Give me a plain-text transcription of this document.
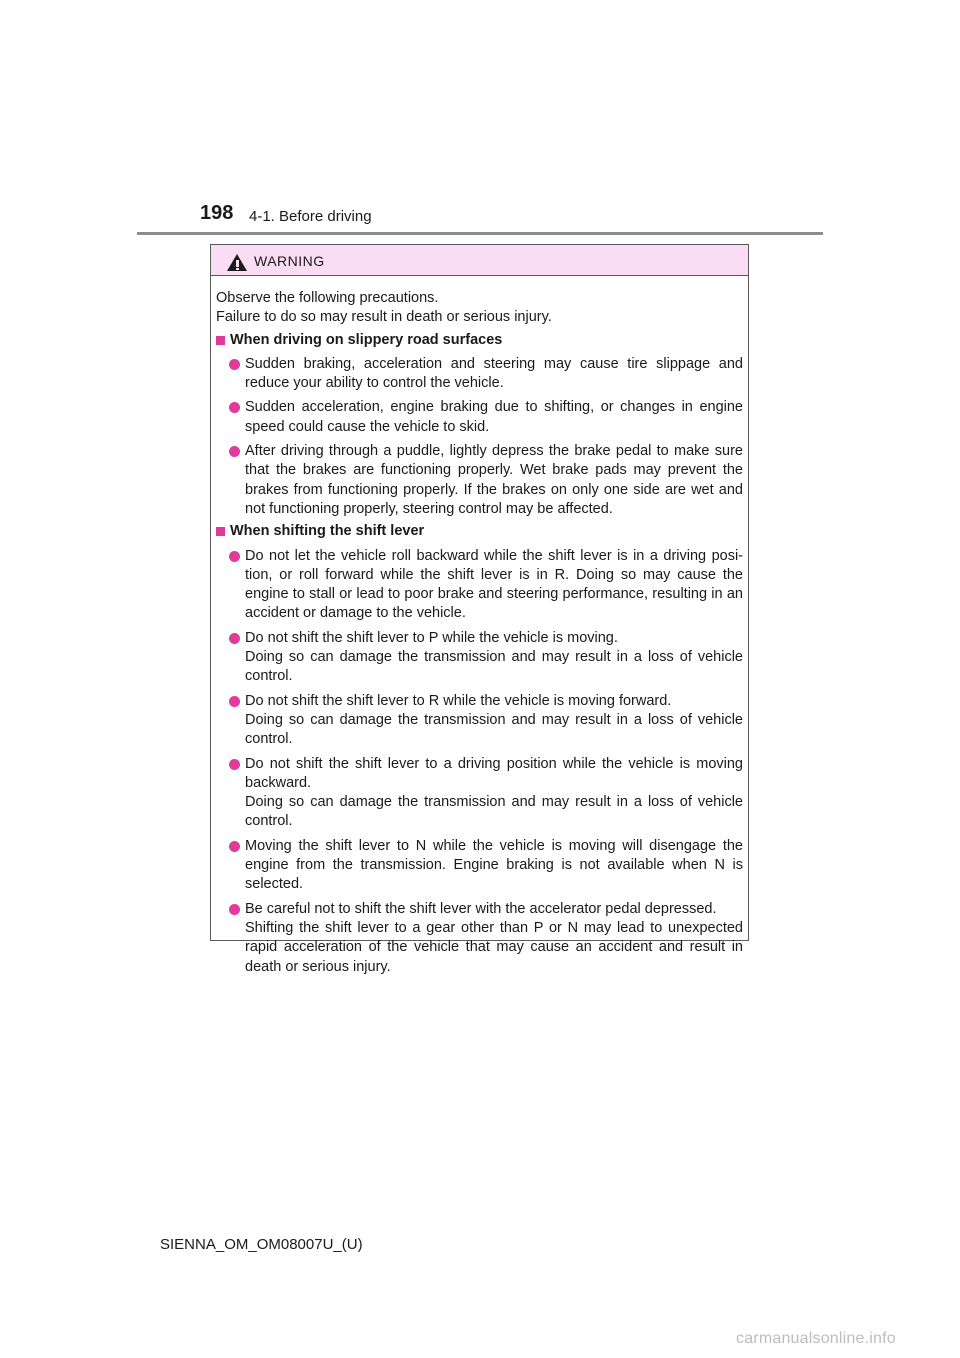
198 4-1. Before driving
WARNING

Observe the following precautions.

Failure to do so may result in death or serious injury.

When driving on slippery road surfaces

Sudden braking, acceleration and steering may cause tire slippage and reduce your ability to control the vehicle.

Sudden acceleration, engine braking due to shifting, or changes in engine speed could cause the vehicle to skid.

After driving through a puddle, lightly depress the brake pedal to make sure that the brakes are functioning properly. Wet brake pads may prevent the brakes from functioning properly. If the brakes on only one side are wet and not functioning properly, steering control may be affected.

When shifting the shift lever

Do not let the vehicle roll backward while the shift lever is in a driving posi-tion, or roll forward while the shift lever is in R. Doing so may cause the engine to stall or lead to poor brake and steering performance, resulting in an accident or damage to the vehicle.

Do not shift the shift lever to P while the vehicle is moving.
Doing so can damage the transmission and may result in a loss of vehicle control.

Do not shift the shift lever to R while the vehicle is moving forward.
Doing so can damage the transmission and may result in a loss of vehicle control.

Do not shift the shift lever to a driving position while the vehicle is moving backward.
Doing so can damage the transmission and may result in a loss of vehicle control.

Moving the shift lever to N while the vehicle is moving will disengage the engine from the transmission. Engine braking is not available when N is selected.

Be careful not to shift the shift lever with the accelerator pedal depressed.
Shifting the shift lever to a gear other than P or N may lead to unexpected rapid acceleration of the vehicle that may cause an accident and result in death or serious injury.

SIENNA_OM_OM08007U_(U)
carmanualsonline.info
